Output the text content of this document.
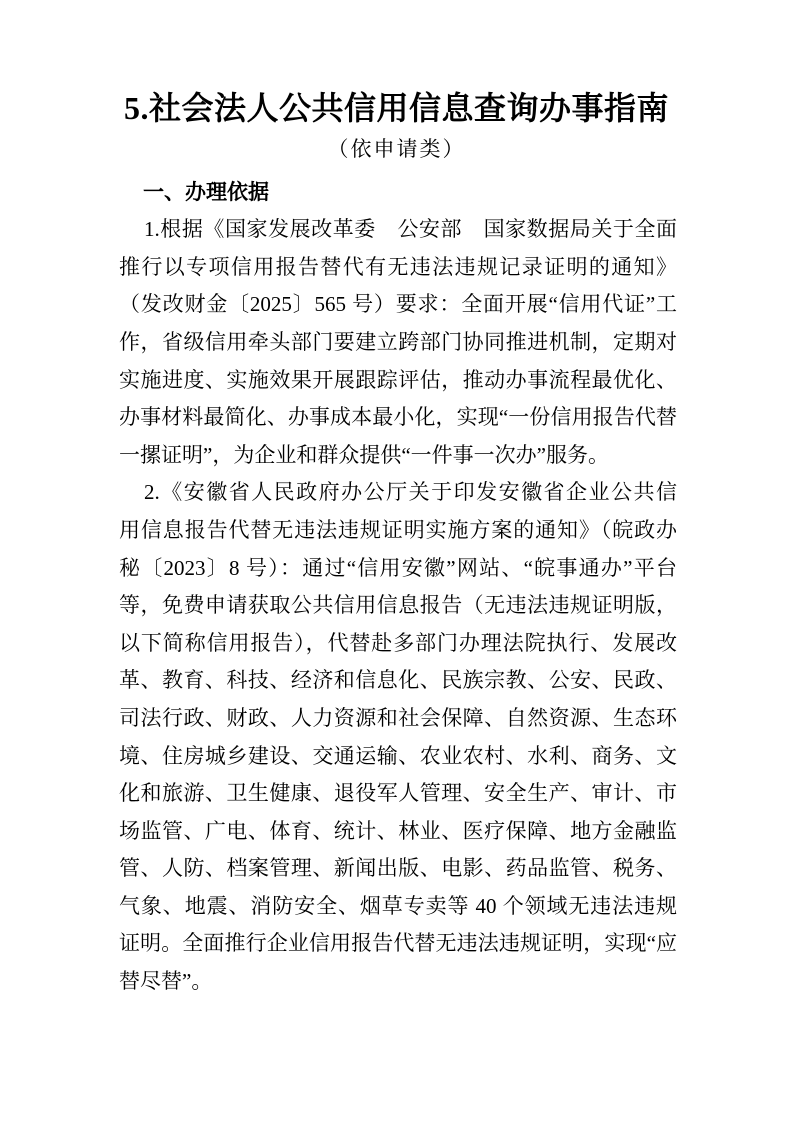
5.社会法人公共信用信息查询办事指南
（依申请类）
一、办理依据
1.根据《国家发展改革委　公安部　国家数据局关于全面
推行以专项信用报告替代有无违法违规记录证明的通知》
（发改财金〔2025〕565 号）要求：全面开展“信用代证”工
作，省级信用牵头部门要建立跨部门协同推进机制，定期对
实施进度、实施效果开展跟踪评估，推动办事流程最优化、
办事材料最简化、办事成本最小化，实现“一份信用报告代替
一摞证明”，为企业和群众提供“一件事一次办”服务。
2.《安徽省人民政府办公厅关于印发安徽省企业公共信
用信息报告代替无违法违规证明实施方案的通知》（皖政办
秘〔2023〕8 号）：通过“信用安徽”网站、“皖事通办”平台
等，免费申请获取公共信用信息报告（无违法违规证明版，
以下简称信用报告），代替赴多部门办理法院执行、发展改
革、教育、科技、经济和信息化、民族宗教、公安、民政、
司法行政、财政、人力资源和社会保障、自然资源、生态环
境、住房城乡建设、交通运输、农业农村、水利、商务、文
化和旅游、卫生健康、退役军人管理、安全生产、审计、市
场监管、广电、体育、统计、林业、医疗保障、地方金融监
管、人防、档案管理、新闻出版、电影、药品监管、税务、
气象、地震、消防安全、烟草专卖等 40 个领域无违法违规
证明。全面推行企业信用报告代替无违法违规证明，实现“应
替尽替”。
